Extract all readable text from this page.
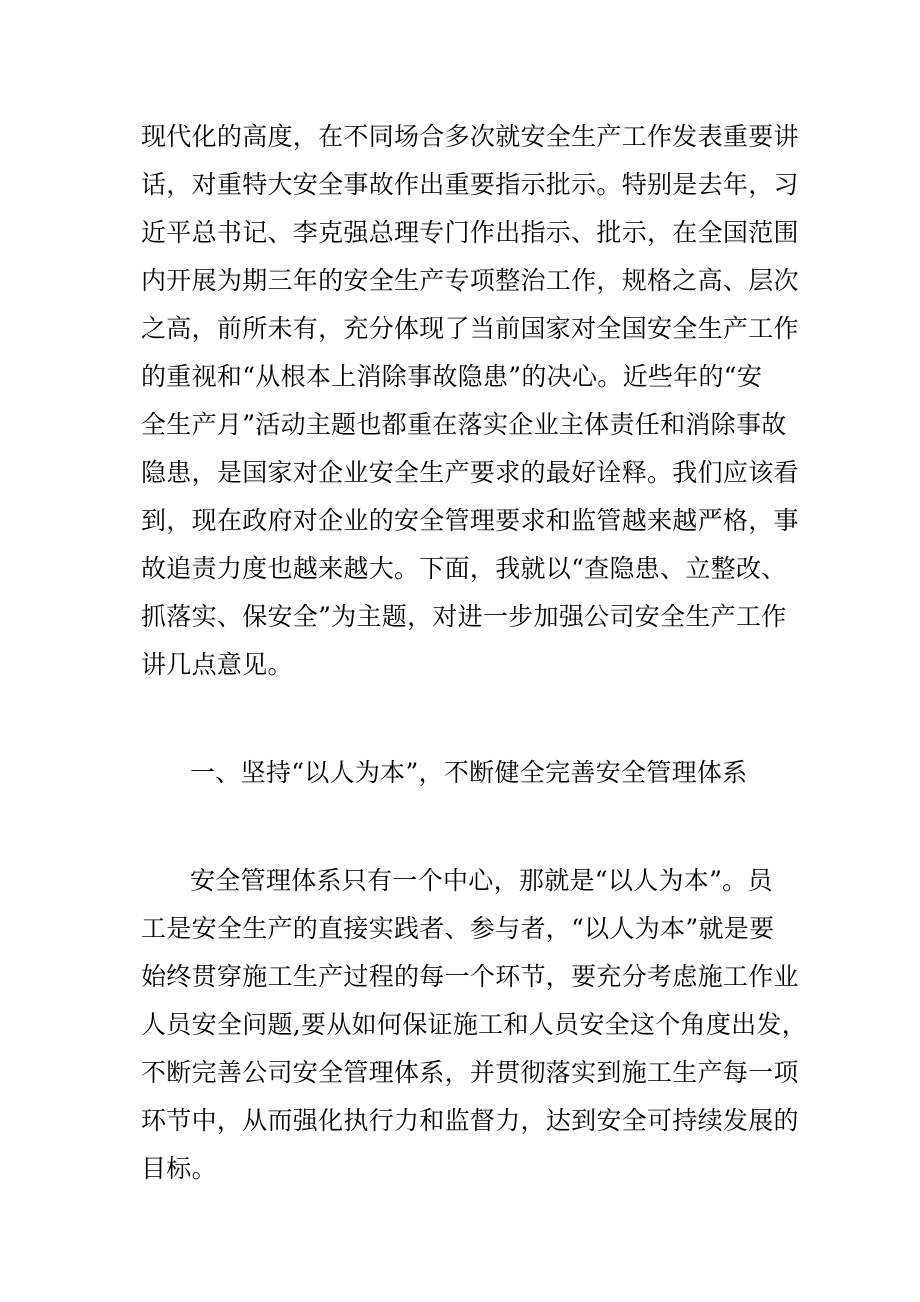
现代化的高度，在不同场合多次就安全生产工作发表重要讲
话，对重特大安全事故作出重要指示批示。特别是去年，习
近平总书记、李克强总理专门作出指示、批示，在全国范围
内开展为期三年的安全生产专项整治工作，规格之高、层次
之高，前所未有，充分体现了当前国家对全国安全生产工作
的重视和“从根本上消除事故隐患”的决心。近些年的“安
全生产月”活动主题也都重在落实企业主体责任和消除事故
隐患，是国家对企业安全生产要求的最好诠释。我们应该看
到，现在政府对企业的安全管理要求和监管越来越严格，事
故追责力度也越来越大。下面，我就以“查隐患、立整改、
抓落实、保安全”为主题，对进一步加强公司安全生产工作
讲几点意见。
一、坚持“以人为本”，不断健全完善安全管理体系
安全管理体系只有一个中心，那就是“以人为本”。员
工是安全生产的直接实践者、参与者，“以人为本”就是要
始终贯穿施工生产过程的每一个环节，要充分考虑施工作业
人员安全问题,要从如何保证施工和人员安全这个角度出发，
不断完善公司安全管理体系，并贯彻落实到施工生产每一项
环节中，从而强化执行力和监督力，达到安全可持续发展的
目标。
